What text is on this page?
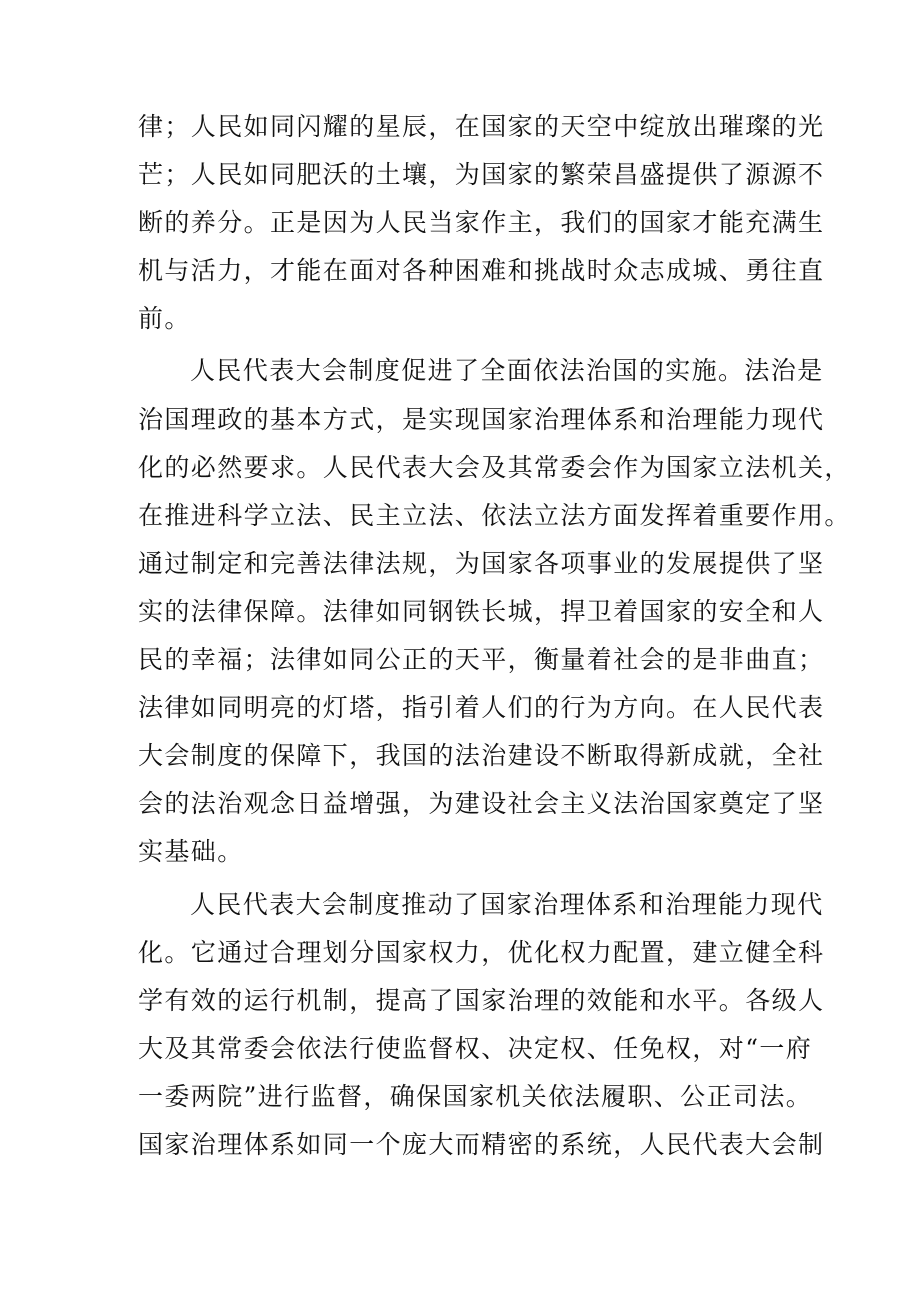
律；人民如同闪耀的星辰，在国家的天空中绽放出璀璨的光
芒；人民如同肥沃的土壤，为国家的繁荣昌盛提供了源源不
断的养分。正是因为人民当家作主，我们的国家才能充满生
机与活力，才能在面对各种困难和挑战时众志成城、勇往直
前。
人民代表大会制度促进了全面依法治国的实施。法治是
治国理政的基本方式，是实现国家治理体系和治理能力现代
化的必然要求。人民代表大会及其常委会作为国家立法机关，
在推进科学立法、民主立法、依法立法方面发挥着重要作用。
通过制定和完善法律法规，为国家各项事业的发展提供了坚
实的法律保障。法律如同钢铁长城，捍卫着国家的安全和人
民的幸福；法律如同公正的天平，衡量着社会的是非曲直；
法律如同明亮的灯塔，指引着人们的行为方向。在人民代表
大会制度的保障下，我国的法治建设不断取得新成就，全社
会的法治观念日益增强，为建设社会主义法治国家奠定了坚
实基础。
人民代表大会制度推动了国家治理体系和治理能力现代
化。它通过合理划分国家权力，优化权力配置，建立健全科
学有效的运行机制，提高了国家治理的效能和水平。各级人
大及其常委会依法行使监督权、决定权、任免权，对“一府
一委两院”进行监督，确保国家机关依法履职、公正司法。
国家治理体系如同一个庞大而精密的系统，人民代表大会制
